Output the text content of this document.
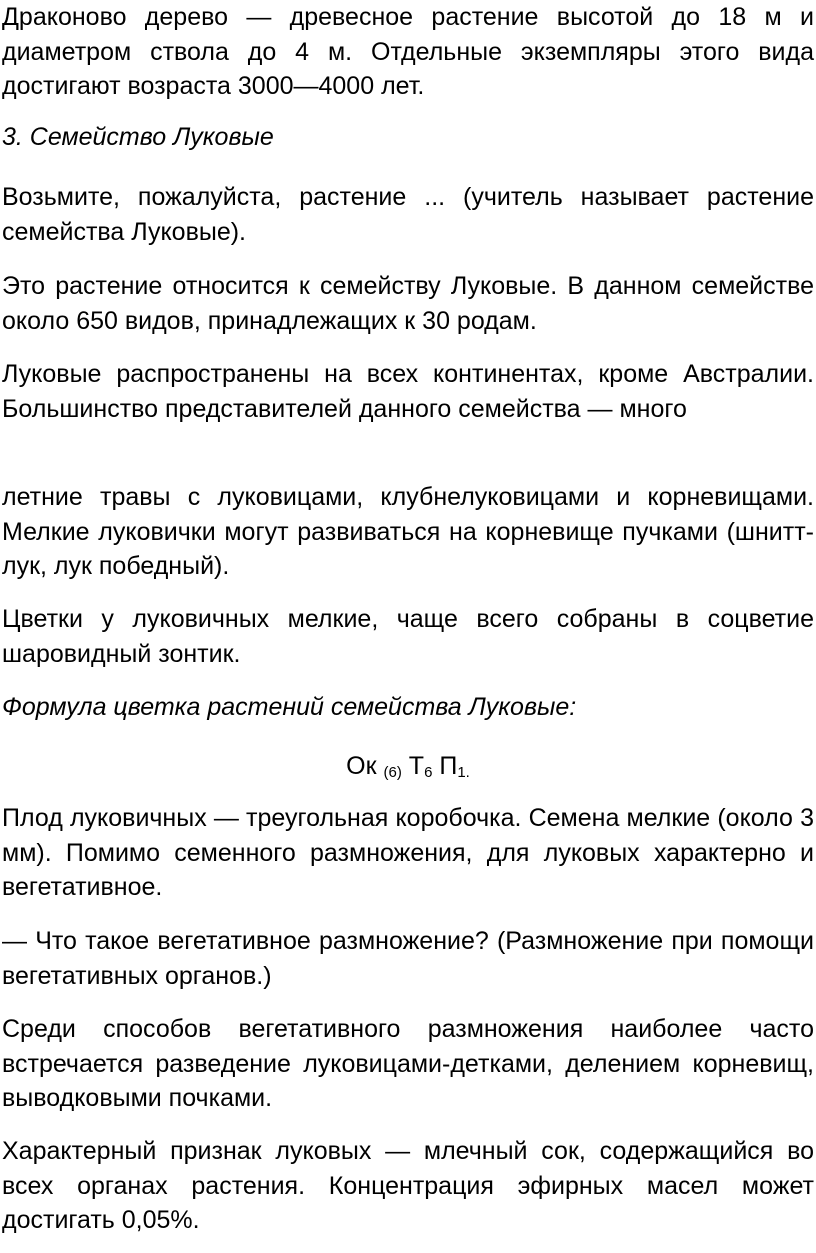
Драконово дерево — древесное растение высотой до 18 м и диаметром ствола до 4 м. Отдельные экземпляры этого вида достигают возраста 3000—4000 лет.

3. Семейство Луковые

Возьмите, пожалуйста, растение ... (учитель называет растение семейства Луковые).

Это растение относится к семейству Луковые. В данном семействе около 650 видов, принадлежащих к 30 родам.

Луковые распространены на всех континентах, кроме Австралии. Большинство представителей данного семейства — много

летние травы с луковицами, клубнелуковицами и корневищами. Мелкие луковички могут развиваться на корневище пучками (шнитт-лук, лук победный).

Цветки у луковичных мелкие, чаще всего собраны в соцветие шаровидный зонтик.

Формула цветка растений семейства Луковые:

Ок $_{(6)}$ $Т_6$ $П_{1.}$

Плод луковичных — треугольная коробочка. Семена мелкие (около 3 мм). Помимо семенного размножения, для луковых характерно и вегетативное.

— Что такое вегетативное размножение? (Размножение при помощи вегетативных органов.)

Среди способов вегетативного размножения наиболее часто встречается разведение луковицами-детками, делением корневищ, выводковыми почками.

Характерный признак луковых — млечный сок, содержащийся во всех органах растения. Концентрация эфирных масел может достигать 0,05%.
